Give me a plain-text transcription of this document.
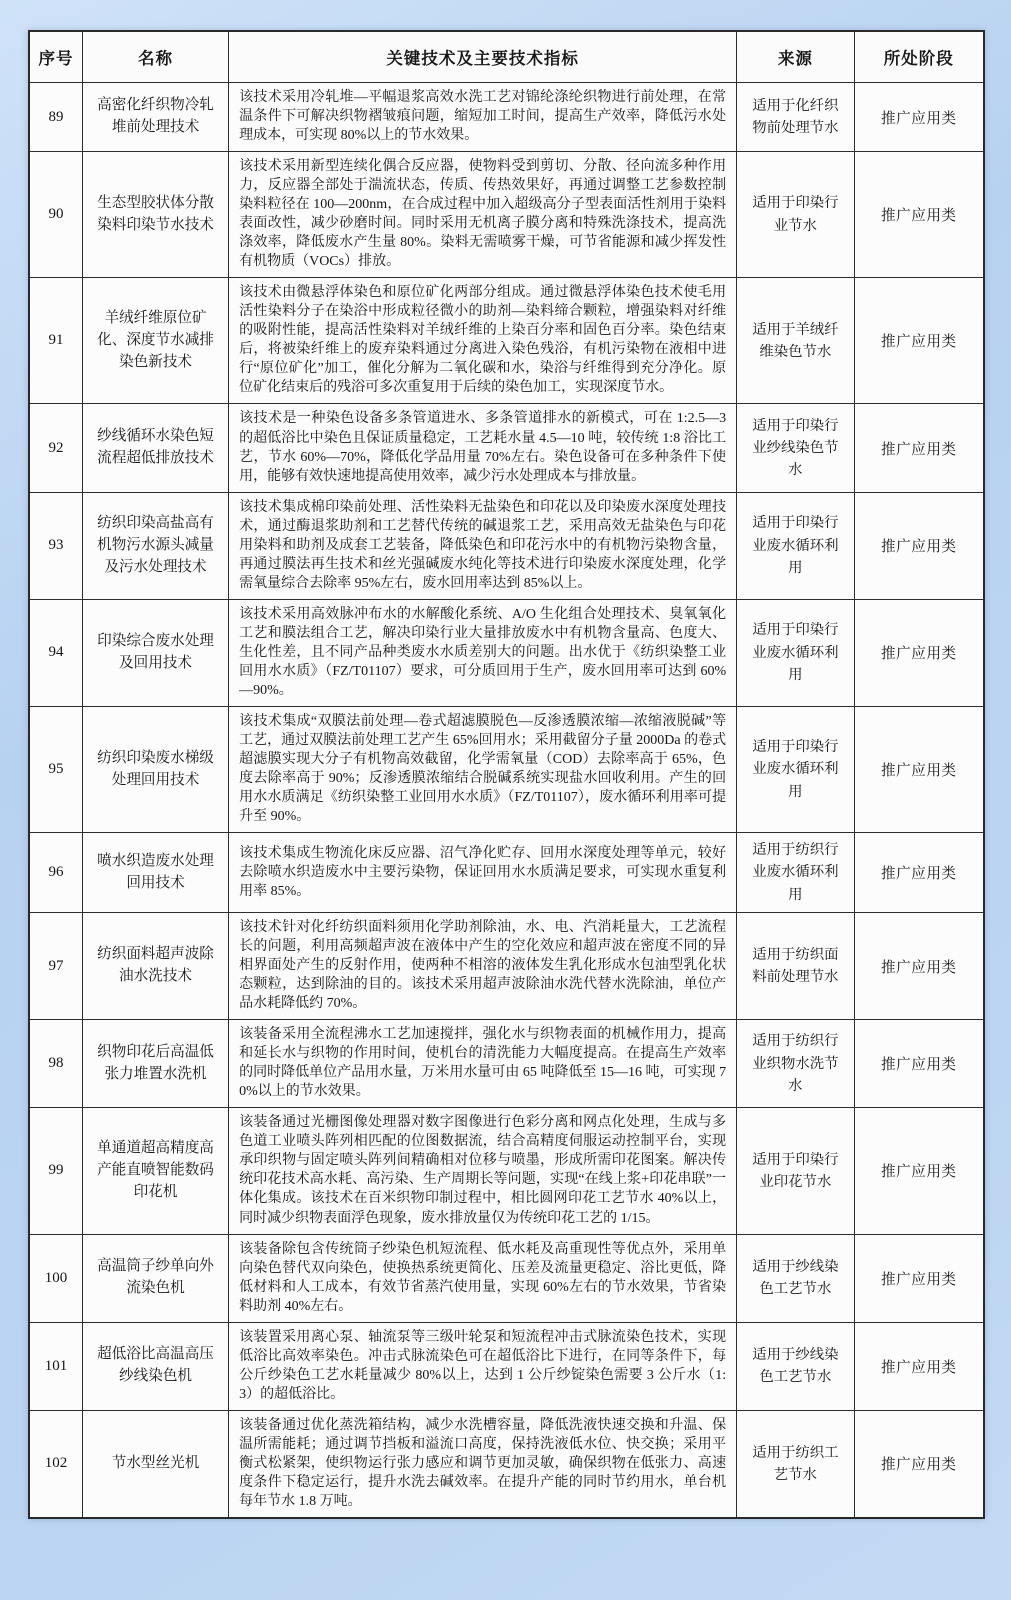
序号	名称	关键技术及主要技术指标	来源	所处阶段
89	高密化纤织物冷轧堆前处理技术	该技术采用冷轧堆—平幅退浆高效水洗工艺对锦纶涤纶织物进行前处理，在常温条件下可解决织物褶皱痕问题，缩短加工时间，提高生产效率，降低污水处理成本，可实现 80%以上的节水效果。	适用于化纤织物前处理节水	推广应用类
90	生态型胶状体分散染料印染节水技术	该技术采用新型连续化偶合反应器，使物料受到剪切、分散、径向流多种作用力，反应器全部处于湍流状态，传质、传热效果好，再通过调整工艺参数控制染料粒径在 100—200nm，在合成过程中加入超级高分子型表面活性剂用于染料表面改性，减少砂磨时间。同时采用无机离子膜分离和特殊洗涤技术，提高洗涤效率，降低废水产生量 80%。染料无需喷雾干燥，可节省能源和减少挥发性有机物质（VOCs）排放。	适用于印染行业节水	推广应用类
91	羊绒纤维原位矿化、深度节水减排染色新技术	该技术由微悬浮体染色和原位矿化两部分组成。通过微悬浮体染色技术使毛用活性染料分子在染浴中形成粒径微小的助剂—染料缔合颗粒，增强染料对纤维的吸附性能，提高活性染料对羊绒纤维的上染百分率和固色百分率。染色结束后，将被染纤维上的废弃染料通过分离进入染色残浴，有机污染物在液相中进行“原位矿化”加工，催化分解为二氧化碳和水，染浴与纤维得到充分净化。原位矿化结束后的残浴可多次重复用于后续的染色加工，实现深度节水。	适用于羊绒纤维染色节水	推广应用类
92	纱线循环水染色短流程超低排放技术	该技术是一种染色设备多条管道进水、多条管道排水的新模式，可在 1:2.5—3 的超低浴比中染色且保证质量稳定，工艺耗水量 4.5—10 吨，较传统 1:8 浴比工艺，节水 60%—70%，降低化学品用量 70%左右。染色设备可在多种条件下使用，能够有效快速地提高使用效率，减少污水处理成本与排放量。	适用于印染行业纱线染色节水	推广应用类
93	纺织印染高盐高有机物污水源头减量及污水处理技术	该技术集成棉印染前处理、活性染料无盐染色和印花以及印染废水深度处理技术，通过酶退浆助剂和工艺替代传统的碱退浆工艺，采用高效无盐染色与印花用染料和助剂及成套工艺装备，降低染色和印花污水中的有机物污染物含量，再通过膜法再生技术和丝光强碱废水纯化等技术进行印染废水深度处理，化学需氧量综合去除率 95%左右，废水回用率达到 85%以上。	适用于印染行业废水循环利用	推广应用类
94	印染综合废水处理及回用技术	该技术采用高效脉冲布水的水解酸化系统、A/O 生化组合处理技术、臭氧氧化工艺和膜法组合工艺，解决印染行业大量排放废水中有机物含量高、色度大、生化性差，且不同产品种类废水水质差别大的问题。出水优于《纺织染整工业回用水水质》（FZ/T01107）要求，可分质回用于生产，废水回用率可达到 60%—90%。	适用于印染行业废水循环利用	推广应用类
95	纺织印染废水梯级处理回用技术	该技术集成“双膜法前处理—卷式超滤膜脱色—反渗透膜浓缩—浓缩液脱碱”等工艺，通过双膜法前处理工艺产生 65%回用水；采用截留分子量 2000Da 的卷式超滤膜实现大分子有机物高效截留，化学需氧量（COD）去除率高于 65%，色度去除率高于 90%；反渗透膜浓缩结合脱碱系统实现盐水回收利用。产生的回用水水质满足《纺织染整工业回用水水质》（FZ/T01107），废水循环利用率可提升至 90%。	适用于印染行业废水循环利用	推广应用类
96	喷水织造废水处理回用技术	该技术集成生物流化床反应器、沼气净化贮存、回用水深度处理等单元，较好去除喷水织造废水中主要污染物，保证回用水水质满足要求，可实现水重复利用率 85%。	适用于纺织行业废水循环利用	推广应用类
97	纺织面料超声波除油水洗技术	该技术针对化纤纺织面料须用化学助剂除油，水、电、汽消耗量大，工艺流程长的问题，利用高频超声波在液体中产生的空化效应和超声波在密度不同的异相界面处产生的反射作用，使两种不相溶的液体发生乳化形成水包油型乳化状态颗粒，达到除油的目的。该技术采用超声波除油水洗代替水洗除油，单位产品水耗降低约 70%。	适用于纺织面料前处理节水	推广应用类
98	织物印花后高温低张力堆置水洗机	该装备采用全流程沸水工艺加速搅拌，强化水与织物表面的机械作用力，提高和延长水与织物的作用时间，使机台的清洗能力大幅度提高。在提高生产效率的同时降低单位产品用水量，万米用水量可由 65 吨降低至 15—16 吨，可实现 70%以上的节水效果。	适用于纺织行业织物水洗节水	推广应用类
99	单通道超高精度高产能直喷智能数码印花机	该装备通过光栅图像处理器对数字图像进行色彩分离和网点化处理，生成与多色道工业喷头阵列相匹配的位图数据流，结合高精度伺服运动控制平台，实现承印织物与固定喷头阵列间精确相对位移与喷墨，形成所需印花图案。解决传统印花技术高水耗、高污染、生产周期长等问题，实现“在线上浆+印花串联”一体化集成。该技术在百米织物印制过程中，相比圆网印花工艺节水 40%以上，同时减少织物表面浮色现象，废水排放量仅为传统印花工艺的 1/15。	适用于印染行业印花节水	推广应用类
100	高温筒子纱单向外流染色机	该装备除包含传统筒子纱染色机短流程、低水耗及高重现性等优点外，采用单向染色替代双向染色，使换热系统更简化、压差及流量更稳定、浴比更低，降低材料和人工成本，有效节省蒸汽使用量，实现 60%左右的节水效果，节省染料助剂 40%左右。	适用于纱线染色工艺节水	推广应用类
101	超低浴比高温高压纱线染色机	该装置采用离心泵、轴流泵等三级叶轮泵和短流程冲击式脉流染色技术，实现低浴比高效率染色。冲击式脉流染色可在超低浴比下进行，在同等条件下，每公斤纱染色工艺水耗量减少 80%以上，达到 1 公斤纱锭染色需要 3 公斤水（1:3）的超低浴比。	适用于纱线染色工艺节水	推广应用类
102	节水型丝光机	该装备通过优化蒸洗箱结构，减少水洗槽容量，降低洗液快速交换和升温、保温所需能耗；通过调节挡板和溢流口高度，保持洗液低水位、快交换；采用平衡式松紧架，使织物运行张力感应和调节更加灵敏，确保织物在低张力、高速度条件下稳定运行，提升水洗去碱效率。在提升产能的同时节约用水，单台机每年节水 1.8 万吨。	适用于纺织工艺节水	推广应用类
